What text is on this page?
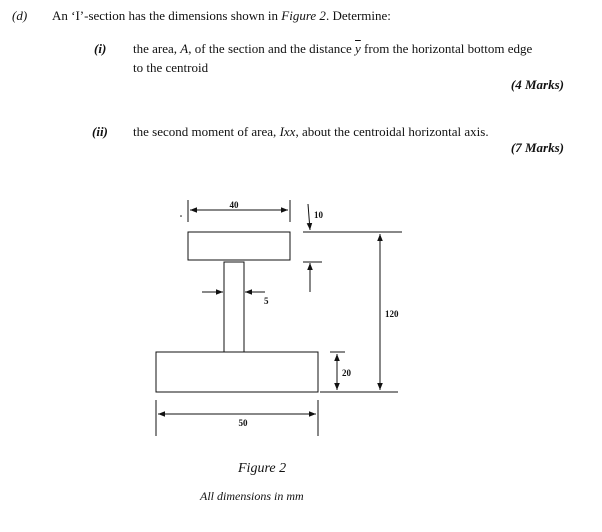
(d) An ‘I’-section has the dimensions shown in Figure 2. Determine:
(i) the area, A, of the section and the distance $\overline{y}$ from the horizontal bottom edge
to the centroid
(4 Marks)
(ii) the second moment of area, Ixx, about the centroidal horizontal axis.
(7 Marks)
40
10
5
120
20
50
Figure 2
All dimensions in mm
